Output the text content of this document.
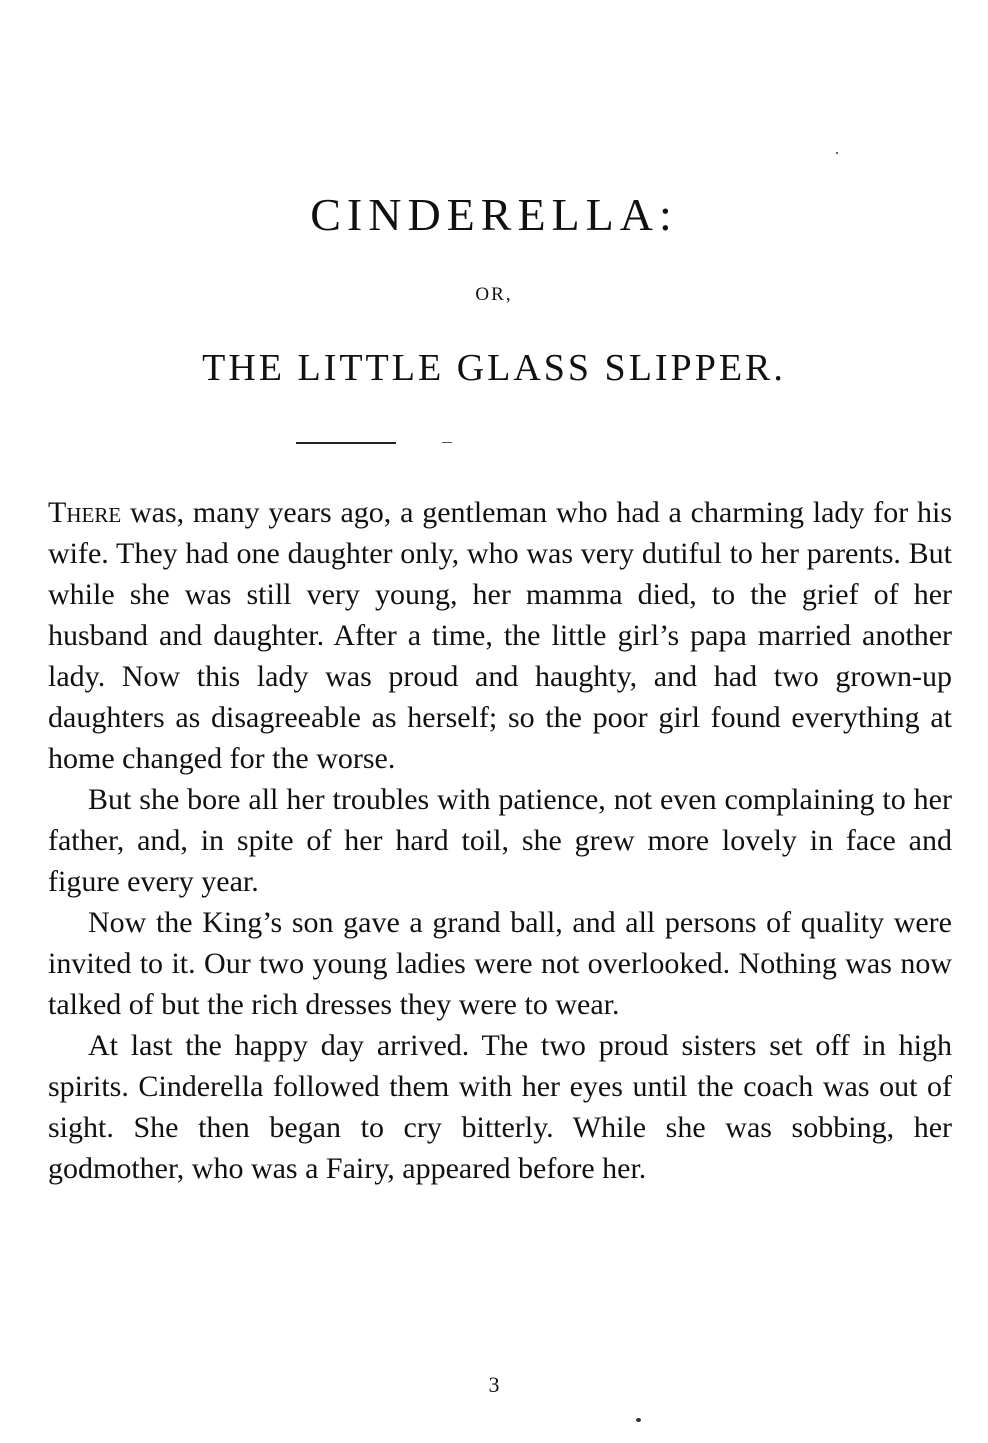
CINDERELLA:
OR,
THE LITTLE GLASS SLIPPER.

There was, many years ago, a gentleman who had a charming lady for his wife. They had one daughter only, who was very dutiful to her parents. But while she was still very young, her mamma died, to the grief of her husband and daughter. After a time, the little girl’s papa married another lady. Now this lady was proud and haughty, and had two grown-up daughters as disagreeable as herself; so the poor girl found everything at home changed for the worse.

But she bore all her troubles with patience, not even complaining to her father, and, in spite of her hard toil, she grew more lovely in face and figure every year.

Now the King’s son gave a grand ball, and all persons of quality were invited to it. Our two young ladies were not overlooked. Nothing was now talked of but the rich dresses they were to wear.

At last the happy day arrived. The two proud sisters set off in high spirits. Cinderella followed them with her eyes until the coach was out of sight. She then began to cry bitterly. While she was sobbing, her godmother, who was a Fairy, appeared before her.

3
